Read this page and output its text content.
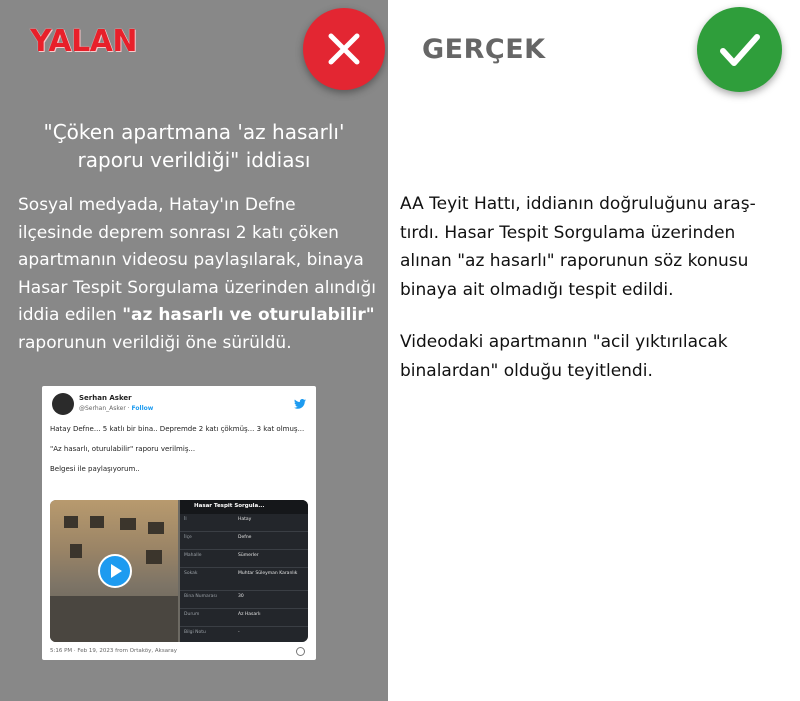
YALAN
"Çöken apartmana 'az hasarlı'
raporu verildiği" iddiası
Sosyal medyada, Hatay'ın Defne
ilçesinde deprem sonrası 2 katı çöken
apartmanın videosu paylaşılarak, binaya
Hasar Tespit Sorgulama üzerinden alındığı
iddia edilen "az hasarlı ve oturulabilir"
raporunun verildiği öne sürüldü.
Serhan Asker
@Serhan_Asker · Follow
Hatay Defne... 5 katlı bir bina.. Depremde 2 katı çökmüş... 3 kat olmuş...

"Az hasarlı, oturulabilir" raporu verilmiş...

Belgesi ile paylaşıyorum..
Hasar Tespit Sorgula...
İl	Hatay
İlçe	Defne
Mahalle	Sümerler
Sokak	Muhtar Süleyman Karanlık
Bina Numarası	30
Durum	Az Hasarlı
Bilgi Notu	-
5:16 PM · Feb 19, 2023 from Ortaköy, Aksaray
GERÇEK
AA Teyit Hattı, iddianın doğruluğunu araş-
tırdı. Hasar Tespit Sorgulama üzerinden
alınan "az hasarlı" raporunun söz konusu
binaya ait olmadığı tespit edildi.
Videodaki apartmanın "acil yıktırılacak
binalardan" olduğu teyitlendi.
